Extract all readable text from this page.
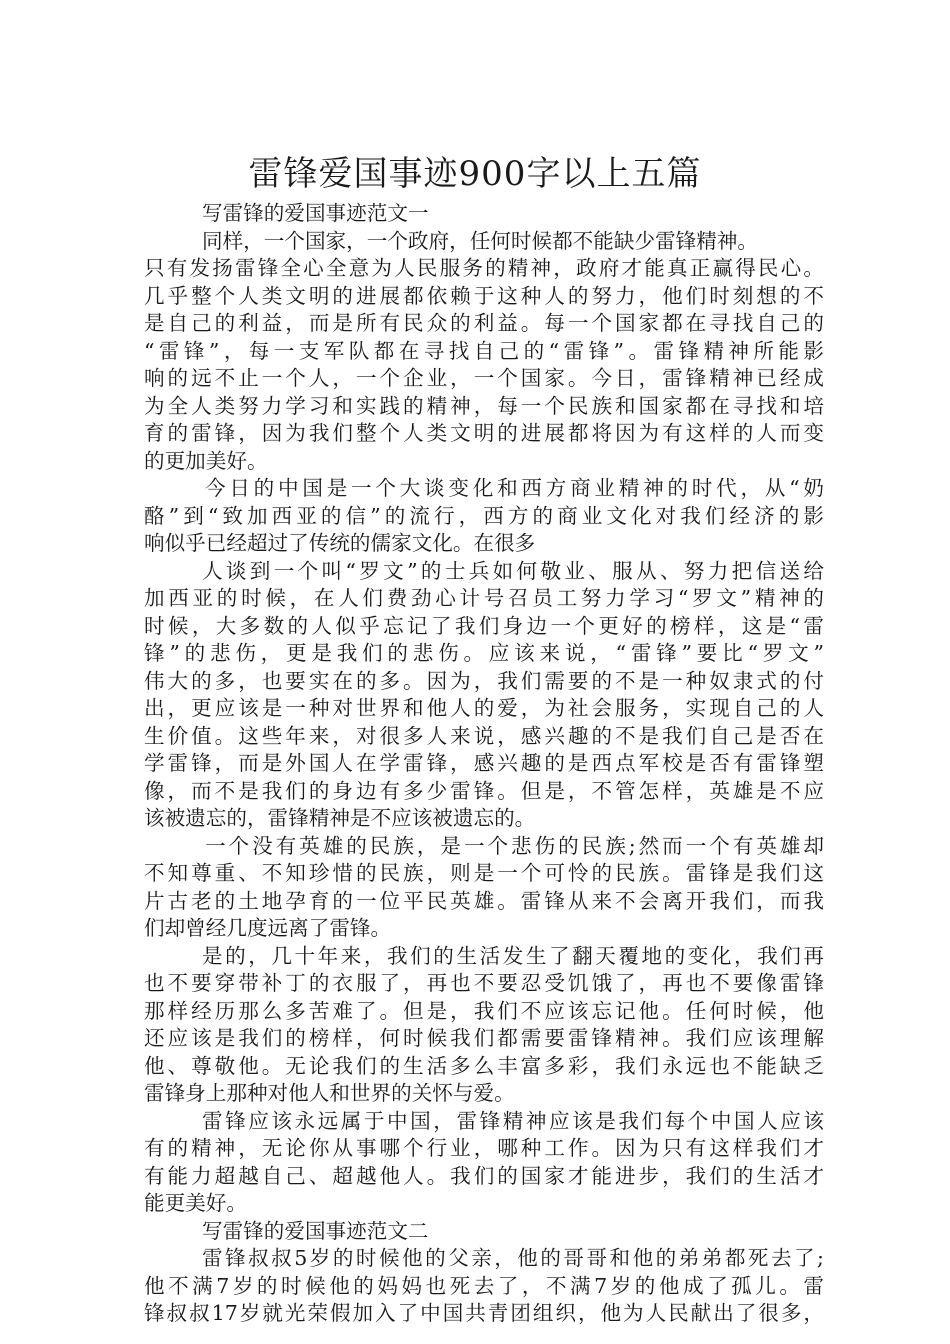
雷锋爱国事迹900字以上五篇
写雷锋的爱国事迹范文一
同样，一个国家，一个政府，任何时候都不能缺少雷锋精神。
只有发扬雷锋全心全意为人民服务的精神，政府才能真正赢得民心。
几乎整个人类文明的进展都依赖于这种人的努力，他们时刻想的不
是自己的利益，而是所有民众的利益。每一个国家都在寻找自己的
“雷锋”，每一支军队都在寻找自己的“雷锋”。雷锋精神所能影
响的远不止一个人，一个企业，一个国家。今日，雷锋精神已经成
为全人类努力学习和实践的精神，每一个民族和国家都在寻找和培
育的雷锋，因为我们整个人类文明的进展都将因为有这样的人而变
的更加美好。
今日的中国是一个大谈变化和西方商业精神的时代，从“奶
酪”到“致加西亚的信”的流行，西方的商业文化对我们经济的影
响似乎已经超过了传统的儒家文化。在很多
人谈到一个叫“罗文”的士兵如何敬业、服从、努力把信送给
加西亚的时候，在人们费劲心计号召员工努力学习“罗文”精神的
时候，大多数的人似乎忘记了我们身边一个更好的榜样，这是“雷
锋”的悲伤，更是我们的悲伤。应该来说，“雷锋”要比“罗文”
伟大的多，也要实在的多。因为，我们需要的不是一种奴隶式的付
出，更应该是一种对世界和他人的爱，为社会服务，实现自己的人
生价值。这些年来，对很多人来说，感兴趣的不是我们自己是否在
学雷锋，而是外国人在学雷锋，感兴趣的是西点军校是否有雷锋塑
像，而不是我们的身边有多少雷锋。但是，不管怎样，英雄是不应
该被遗忘的，雷锋精神是不应该被遗忘的。
一个没有英雄的民族，是一个悲伤的民族;然而一个有英雄却
不知尊重、不知珍惜的民族，则是一个可怜的民族。雷锋是我们这
片古老的土地孕育的一位平民英雄。雷锋从来不会离开我们，而我
们却曾经几度远离了雷锋。
是的，几十年来，我们的生活发生了翻天覆地的变化，我们再
也不要穿带补丁的衣服了，再也不要忍受饥饿了，再也不要像雷锋
那样经历那么多苦难了。但是，我们不应该忘记他。任何时候，他
还应该是我们的榜样，何时候我们都需要雷锋精神。我们应该理解
他、尊敬他。无论我们的生活多么丰富多彩，我们永远也不能缺乏
雷锋身上那种对他人和世界的关怀与爱。
雷锋应该永远属于中国，雷锋精神应该是我们每个中国人应该
有的精神，无论你从事哪个行业，哪种工作。因为只有这样我们才
有能力超越自己、超越他人。我们的国家才能进步，我们的生活才
能更美好。
写雷锋的爱国事迹范文二
雷锋叔叔5岁的时候他的父亲，他的哥哥和他的弟弟都死去了;
他不满7岁的时候他的妈妈也死去了，不满7岁的他成了孤儿。雷
锋叔叔17岁就光荣假加入了中国共青团组织，他为人民献出了很多，
